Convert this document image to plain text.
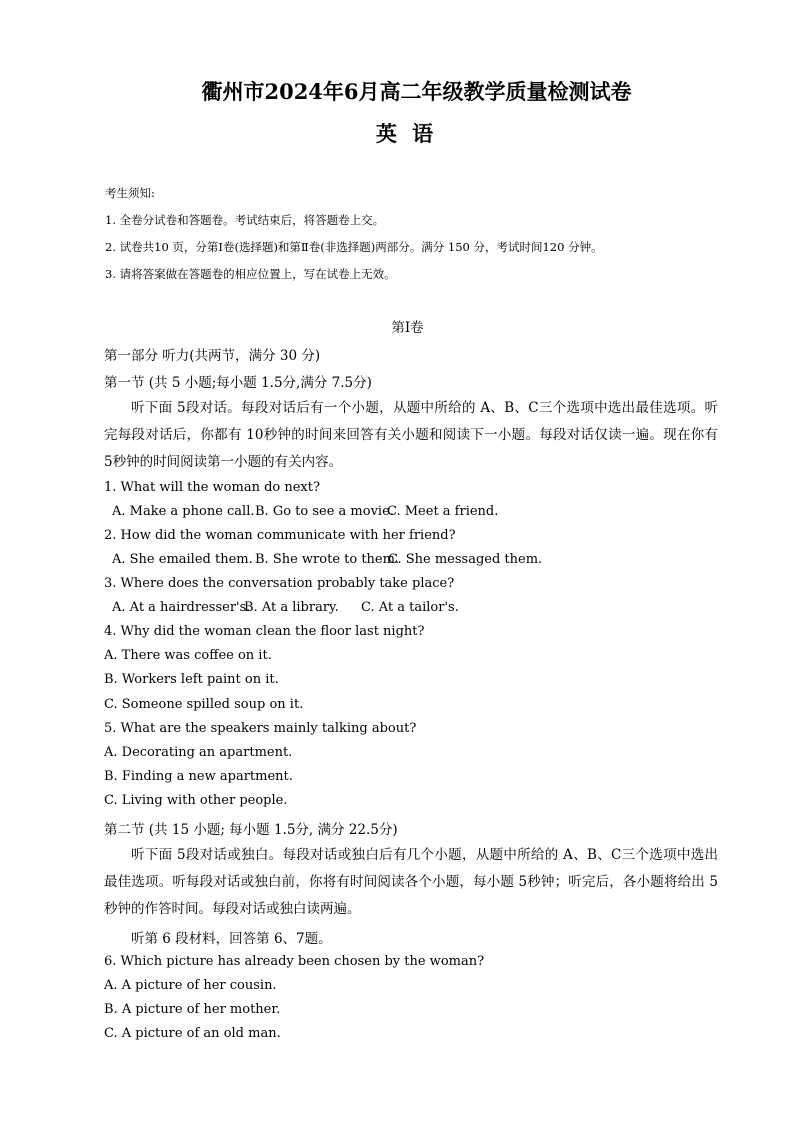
衢州市2024年6月高二年级教学质量检测试卷
英 语
考生须知:
1. 全卷分试卷和答题卷。考试结束后，将答题卷上交。
2. 试卷共10 页，分第Ⅰ卷(选择题)和第Ⅱ卷(非选择题)两部分。满分 150 分，考试时间120 分钟。
3. 请将答案做在答题卷的相应位置上，写在试卷上无效。
第Ⅰ卷
第一部分 听力(共两节，满分 30 分)
第一节 (共 5 小题;每小题 1.5分,满分 7.5分)
听下面 5段对话。每段对话后有一个小题，从题中所给的 A、B、C三个选项中选出最佳选项。听完每段对话后，你都有 10秒钟的时间来回答有关小题和阅读下一小题。每段对话仅读一遍。现在你有 5秒钟的时间阅读第一小题的有关内容。
1. What will the woman do next?
A. Make a phone call.B. Go to see a movie.C. Meet a friend.
2. How did the woman communicate with her friend?
A. She emailed them. B. She wrote to them.C. She messaged them.
3. Where does the conversation probably take place?
A. At a hairdresser's.B. At a library. C. At a tailor's.
4. Why did the woman clean the floor last night?
A. There was coffee on it.
B. Workers left paint on it.
C. Someone spilled soup on it.
5. What are the speakers mainly talking about?
A. Decorating an apartment.
B. Finding a new apartment.
C. Living with other people.
第二节 (共 15 小题; 每小题 1.5分, 满分 22.5分)
听下面 5段对话或独白。每段对话或独白后有几个小题，从题中所给的 A、B、C三个选项中选出最佳选项。听每段对话或独白前，你将有时间阅读各个小题，每小题 5秒钟；听完后，各小题将给出 5秒钟的作答时间。每段对话或独白读两遍。
听第 6 段材料，回答第 6、7题。
6. Which picture has already been chosen by the woman?
A. A picture of her cousin.
B. A picture of her mother.
C. A picture of an old man.
